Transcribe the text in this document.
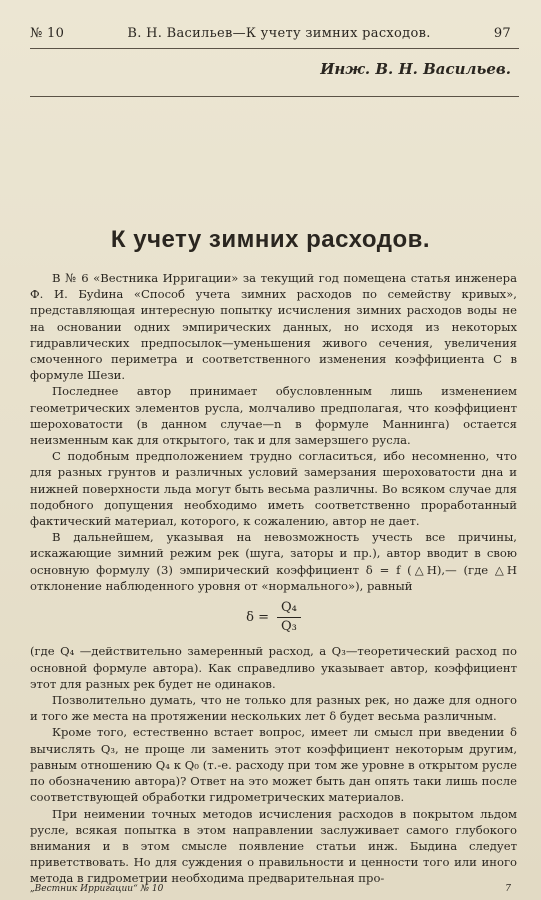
№ 10	В. Н. Васильев—К учету зимних расходов.	97
Инж. В. Н. Васильев.
К учету зимних расходов.

В № 6 «Вестника Ирригации» за текущий год помещена статья инженера Ф. И. Бydина «Способ учета зимних расходов по семейству кривых», представляющая интересную попытку исчисления зимних расходов воды не на основании одних эмпирических данных, но исходя из некоторых гидравлических предпосылок—уменьшения живого сечения, увеличения смоченного периметра и соответственного изменения коэффициента C в формуле Шези.

Последнее автор принимает обусловленным лишь изменением геометрических элементов русла, молчаливо предполагая, что коэффициент шероховатости (в данном случае—n в формуле Маннинга) остается неизменным как для открытого, так и для замерзшего русла.

С подобным предположением трудно согласиться, ибо несомненно, что для разных грунтов и различных условий замерзания шероховатости дна и нижней поверхности льда могут быть весьма различны. Во всяком случае для подобного допущения необходимо иметь соответственно проработанный фактический материал, которого, к сожалению, автор не дает.

В дальнейшем, указывая на невозможность учесть все причины, искажающие зимний режим рек (шуга, заторы и пр.), автор вводит в свою основную формулу (3) эмпирический коэффициент δ = f (△H),— (где △H отклонение наблюденного уровня от «нормального»), равный

$\delta = \frac{\text{Q₄}}{\text{Q₃}}$

(где Q₄ —действительно замеренный расход, а Q₃—теоретический расход по основной формуле автора). Как справедливо указывает автор, коэффициент этот для разных рек будет не одинаков.

Позволительно думать, что не только для разных рек, но даже для одного и того же места на протяжении нескольких лет δ будет весьма различным.

Кроме того, естественно встает вопрос, имеет ли смысл при введении δ вычислять Q₃, не проще ли заменить этот коэффициент некоторым другим, равным отношению Q₄ к Q₀ (т.-е. расходу при том же уровне в открытом русле по обозначению автора)? Ответ на это может быть дан опять таки лишь после соответствующей обработки гидрометрических материалов.

При неимении точных методов исчисления расходов в покрытом льдом русле, всякая попытка в этом направлении заслуживает самого глубокого внимания и в этом смысле появление статьи инж. Быдина следует приветствовать. Но для суждения о правильности и ценности того или иного метода в гидрометрии необходима предварительная про-

„Вестник Ирригации“ № 10	7
